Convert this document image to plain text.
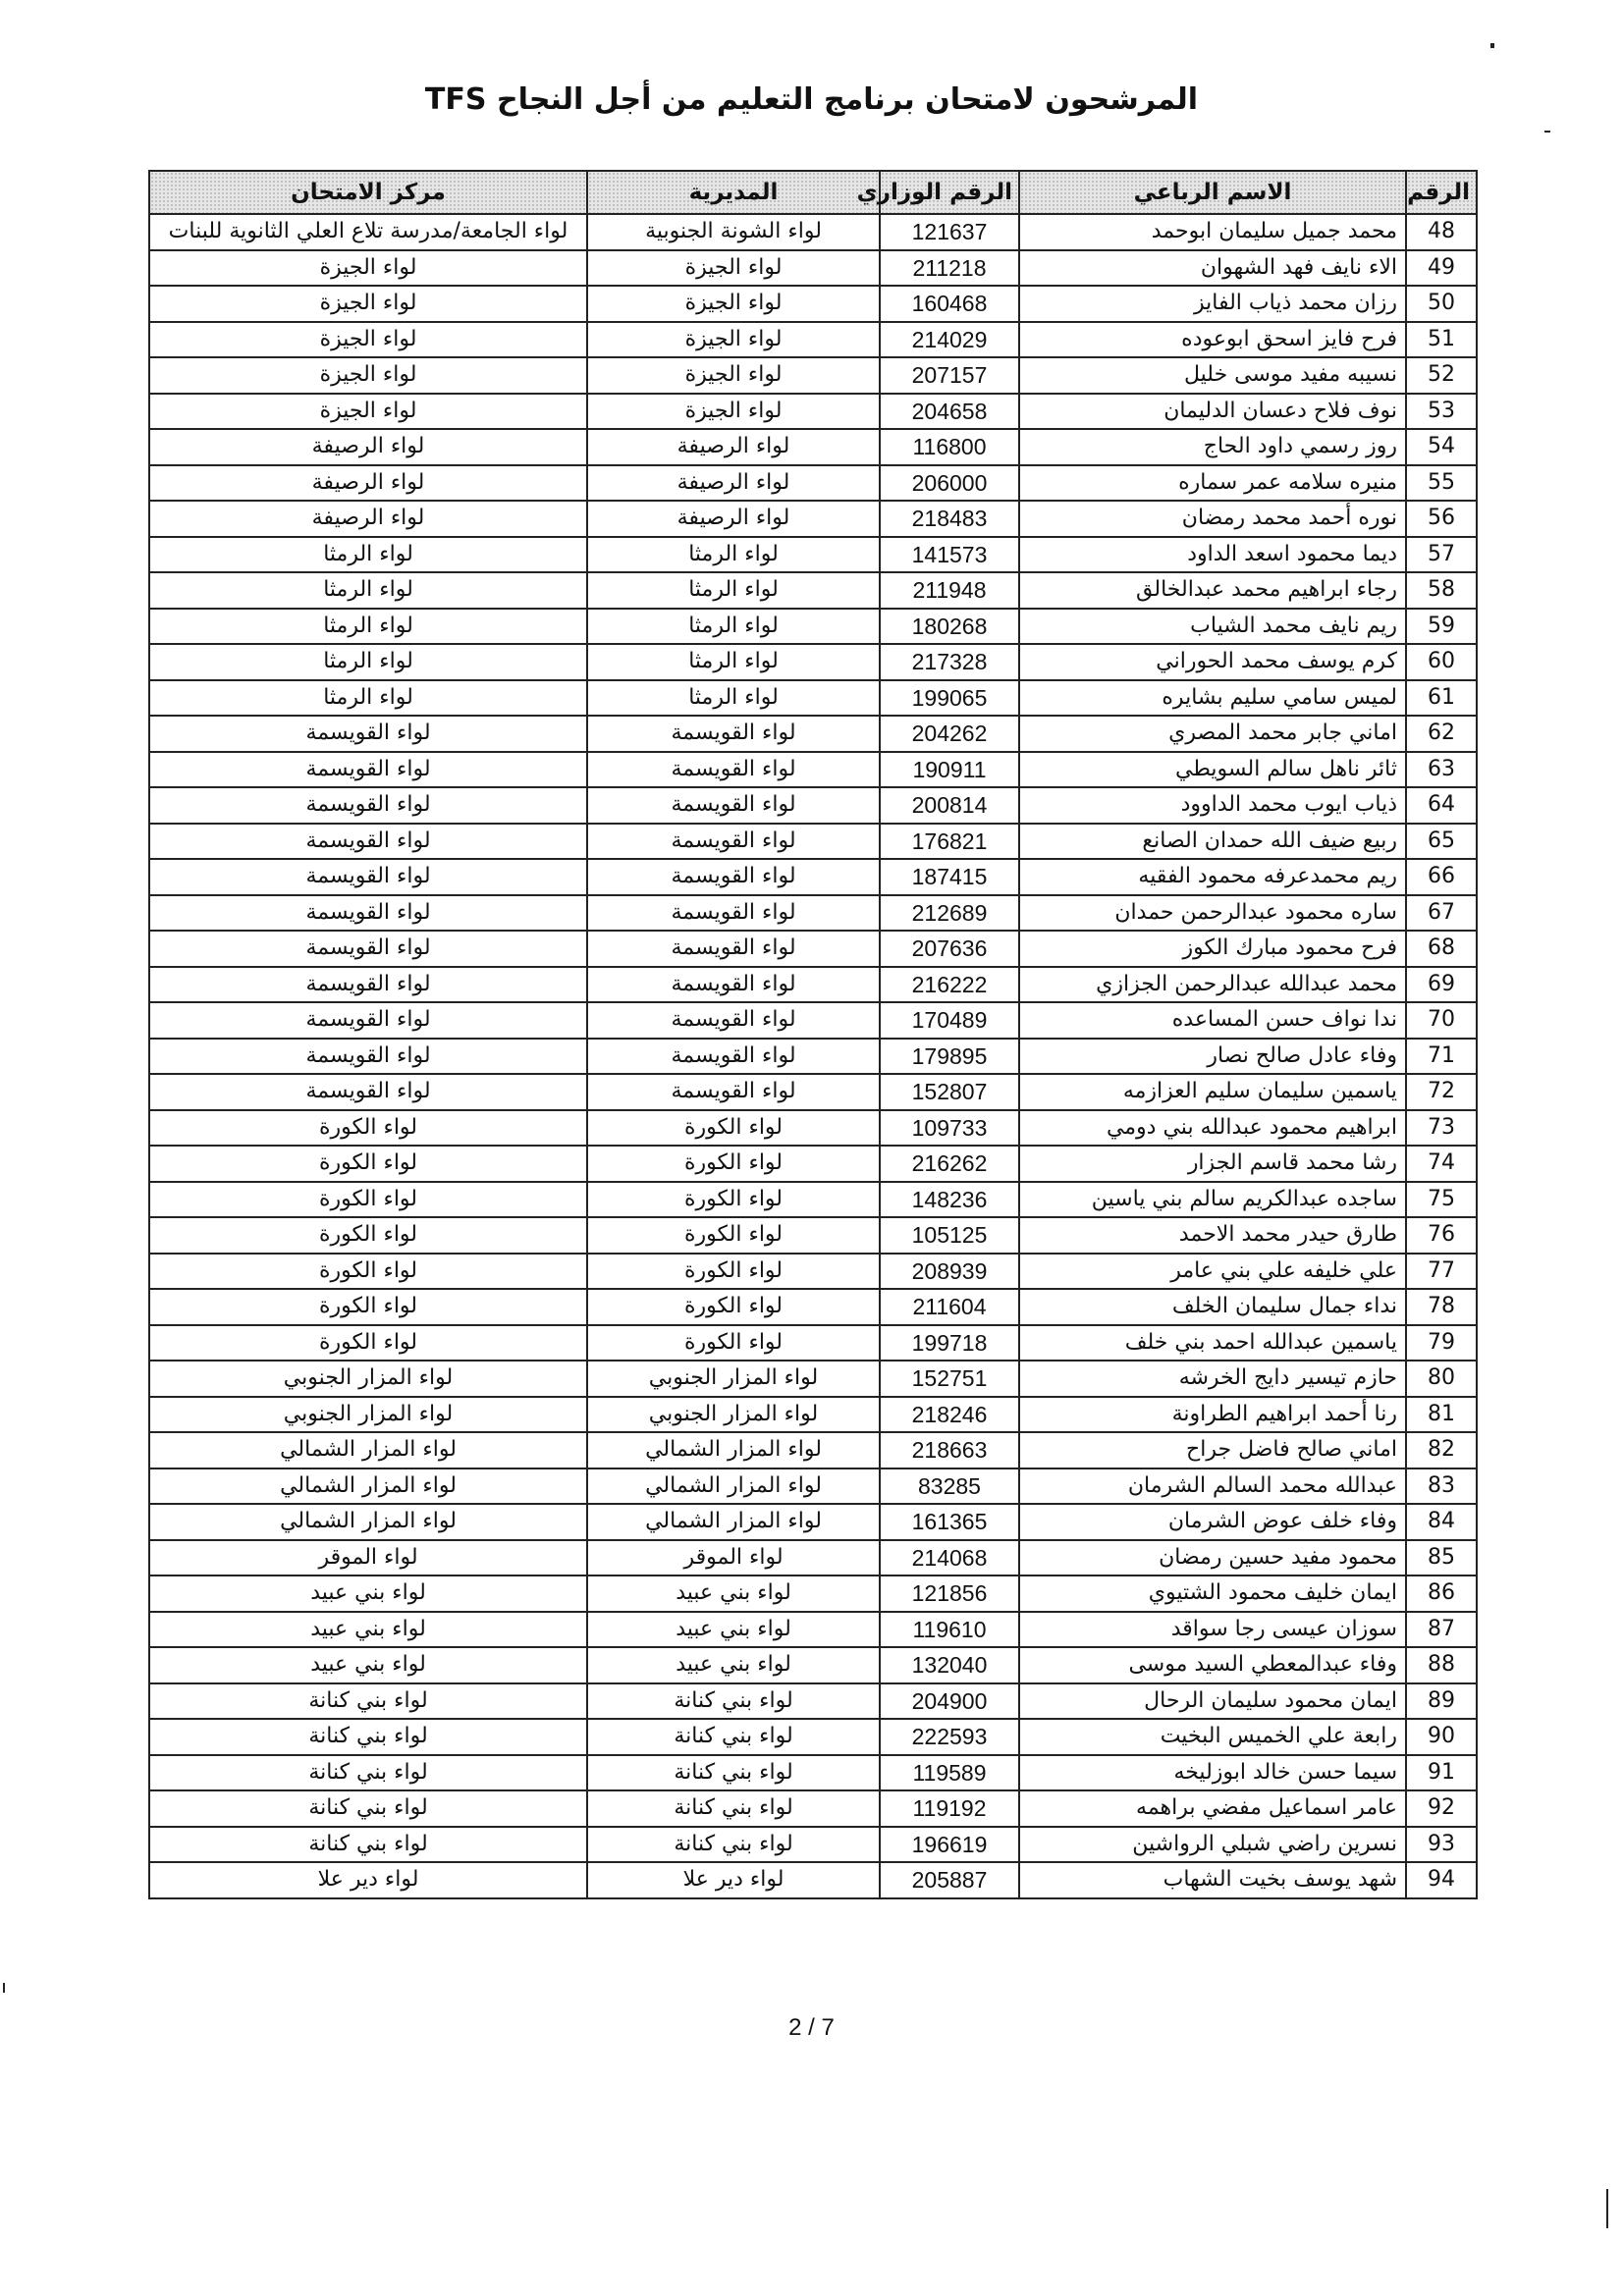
المرشحون لامتحان برنامج التعليم من أجل النجاح TFS
الرقم	الاسم الرباعي	الرقم الوزاري	المديرية	مركز الامتحان
48	محمد جميل سليمان ابوحمد	121637	لواء الشونة الجنوبية	لواء الجامعة/مدرسة تلاع العلي الثانوية للبنات
49	الاء نايف فهد الشهوان	211218	لواء الجيزة	لواء الجيزة
50	رزان محمد ذياب الفايز	160468	لواء الجيزة	لواء الجيزة
51	فرح فايز اسحق ابوعوده	214029	لواء الجيزة	لواء الجيزة
52	نسيبه مفيد موسى خليل	207157	لواء الجيزة	لواء الجيزة
53	نوف فلاح دعسان الدليمان	204658	لواء الجيزة	لواء الجيزة
54	روز رسمي داود الحاج	116800	لواء الرصيفة	لواء الرصيفة
55	منيره سلامه عمر سماره	206000	لواء الرصيفة	لواء الرصيفة
56	نوره أحمد محمد رمضان	218483	لواء الرصيفة	لواء الرصيفة
57	ديما محمود اسعد الداود	141573	لواء الرمثا	لواء الرمثا
58	رجاء ابراهيم محمد عبدالخالق	211948	لواء الرمثا	لواء الرمثا
59	ريم نايف محمد الشياب	180268	لواء الرمثا	لواء الرمثا
60	كرم يوسف محمد الحوراني	217328	لواء الرمثا	لواء الرمثا
61	لميس سامي سليم بشايره	199065	لواء الرمثا	لواء الرمثا
62	اماني جابر محمد المصري	204262	لواء القويسمة	لواء القويسمة
63	ثائر ناهل سالم السويطي	190911	لواء القويسمة	لواء القويسمة
64	ذياب ايوب محمد الداوود	200814	لواء القويسمة	لواء القويسمة
65	ربيع ضيف الله حمدان الصانع	176821	لواء القويسمة	لواء القويسمة
66	ريم محمدعرفه محمود الفقيه	187415	لواء القويسمة	لواء القويسمة
67	ساره محمود عبدالرحمن حمدان	212689	لواء القويسمة	لواء القويسمة
68	فرح محمود مبارك الكوز	207636	لواء القويسمة	لواء القويسمة
69	محمد عبدالله عبدالرحمن الجزازي	216222	لواء القويسمة	لواء القويسمة
70	ندا نواف حسن المساعده	170489	لواء القويسمة	لواء القويسمة
71	وفاء عادل صالح نصار	179895	لواء القويسمة	لواء القويسمة
72	ياسمين سليمان سليم العزازمه	152807	لواء القويسمة	لواء القويسمة
73	ابراهيم محمود عبدالله بني دومي	109733	لواء الكورة	لواء الكورة
74	رشا محمد قاسم الجزار	216262	لواء الكورة	لواء الكورة
75	ساجده عبدالكريم سالم بني ياسين	148236	لواء الكورة	لواء الكورة
76	طارق حيدر محمد الاحمد	105125	لواء الكورة	لواء الكورة
77	علي خليفه علي بني عامر	208939	لواء الكورة	لواء الكورة
78	نداء جمال سليمان الخلف	211604	لواء الكورة	لواء الكورة
79	ياسمين عبدالله احمد بني خلف	199718	لواء الكورة	لواء الكورة
80	حازم تيسير دايج الخرشه	152751	لواء المزار الجنوبي	لواء المزار الجنوبي
81	رنا أحمد ابراهيم الطراونة	218246	لواء المزار الجنوبي	لواء المزار الجنوبي
82	اماني صالح فاضل جراح	218663	لواء المزار الشمالي	لواء المزار الشمالي
83	عبدالله محمد السالم الشرمان	83285	لواء المزار الشمالي	لواء المزار الشمالي
84	وفاء خلف عوض الشرمان	161365	لواء المزار الشمالي	لواء المزار الشمالي
85	محمود مفيد حسين رمضان	214068	لواء الموقر	لواء الموقر
86	ايمان خليف محمود الشتيوي	121856	لواء بني عبيد	لواء بني عبيد
87	سوزان عيسى رجا سواقد	119610	لواء بني عبيد	لواء بني عبيد
88	وفاء عبدالمعطي السيد موسى	132040	لواء بني عبيد	لواء بني عبيد
89	ايمان محمود سليمان الرحال	204900	لواء بني كنانة	لواء بني كنانة
90	رابعة علي الخميس البخيت	222593	لواء بني كنانة	لواء بني كنانة
91	سيما حسن خالد ابوزليخه	119589	لواء بني كنانة	لواء بني كنانة
92	عامر اسماعيل مفضي براهمه	119192	لواء بني كنانة	لواء بني كنانة
93	نسرين راضي شبلي الرواشين	196619	لواء بني كنانة	لواء بني كنانة
94	شهد يوسف بخيت الشهاب	205887	لواء دير علا	لواء دير علا
2 / 7
